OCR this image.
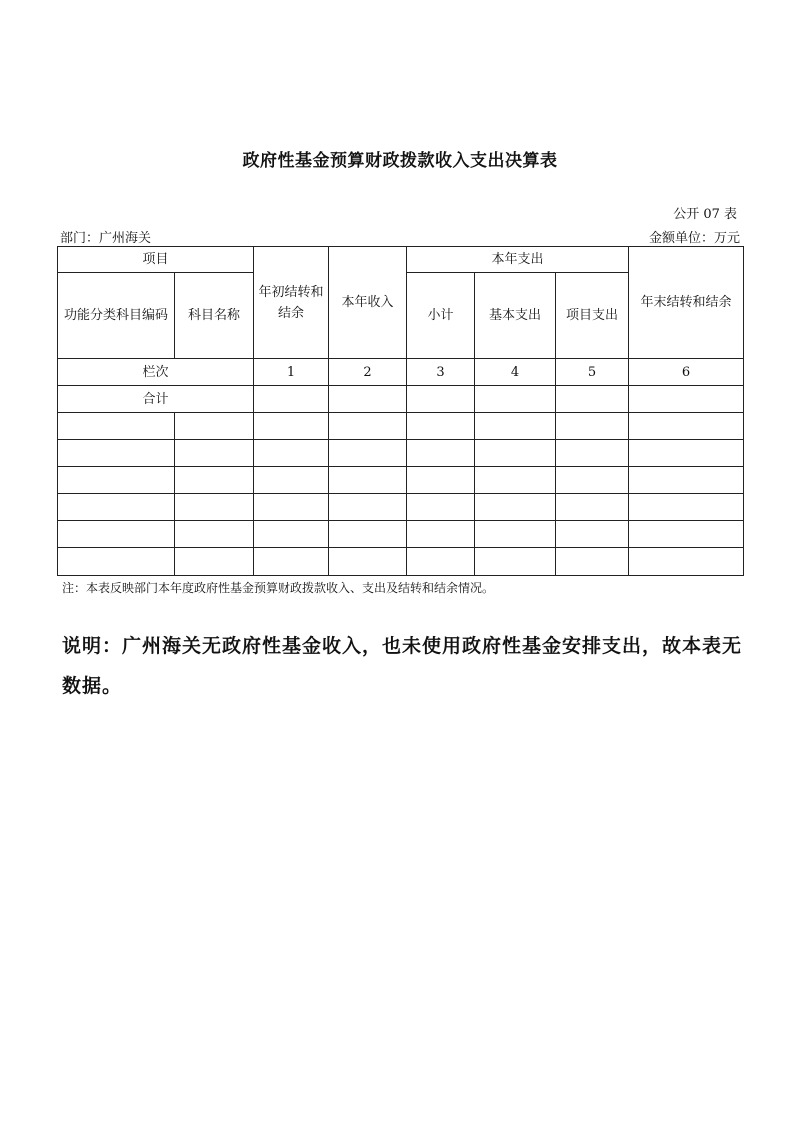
政府性基金预算财政拨款收入支出决算表
公开 07 表
部门：广州海关	金额单位：万元
项目		年初结转和结余	本年收入	本年支出			年末结转和结余
功能分类科目编码	科目名称			小计	基本支出	项目支出	
栏次		1	2	3	4	5	6
合计							

注：本表反映部门本年度政府性基金预算财政拨款收入、支出及结转和结余情况。
说明：广州海关无政府性基金收入，也未使用政府性基金安排支出，故本表无数据。
